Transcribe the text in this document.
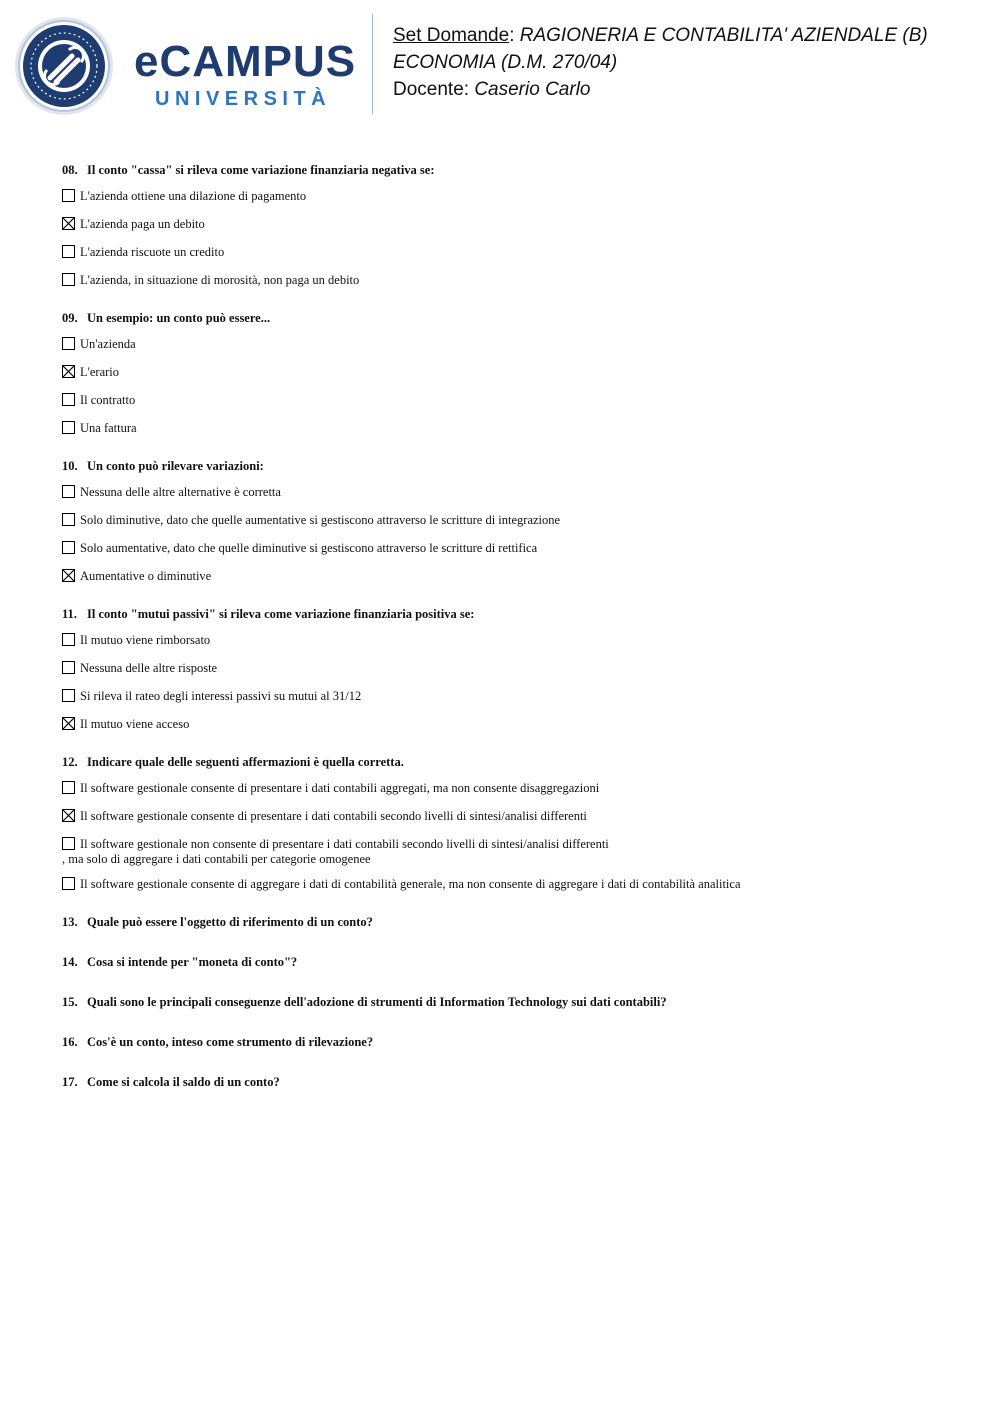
eCAMPUS
UNIVERSITÀ
Set Domande: RAGIONERIA E CONTABILITA' AZIENDALE (B)
ECONOMIA (D.M. 270/04)
Docente: Caserio Carlo
08. Il conto "cassa" si rileva come variazione finanziaria negativa se:
L'azienda ottiene una dilazione di pagamento
L'azienda paga un debito
L'azienda riscuote un credito
L'azienda, in situazione di morosità, non paga un debito
09. Un esempio: un conto può essere...
Un'azienda
L'erario
Il contratto
Una fattura
10. Un conto può rilevare variazioni:
Nessuna delle altre alternative è corretta
Solo diminutive, dato che quelle aumentative si gestiscono attraverso le scritture di integrazione
Solo aumentative, dato che quelle diminutive si gestiscono attraverso le scritture di rettifica
Aumentative o diminutive
11. Il conto "mutui passivi" si rileva come variazione finanziaria positiva se:
Il mutuo viene rimborsato
Nessuna delle altre risposte
Si rileva il rateo degli interessi passivi su mutui al 31/12
Il mutuo viene acceso
12. Indicare quale delle seguenti affermazioni è quella corretta.
Il software gestionale consente di presentare i dati contabili aggregati, ma non consente disaggregazioni
Il software gestionale consente di presentare i dati contabili secondo livelli di sintesi/analisi differenti
Il software gestionale non consente di presentare i dati contabili secondo livelli di sintesi/analisi differenti
, ma solo di aggregare i dati contabili per categorie omogenee
Il software gestionale consente di aggregare i dati di contabilità generale, ma non consente di aggregare i dati di contabilità analitica
13. Quale può essere l'oggetto di riferimento di un conto?
14. Cosa si intende per "moneta di conto"?
15. Quali sono le principali conseguenze dell'adozione di strumenti di Information Technology sui dati contabili?
16. Cos'è un conto, inteso come strumento di rilevazione?
17. Come si calcola il saldo di un conto?
